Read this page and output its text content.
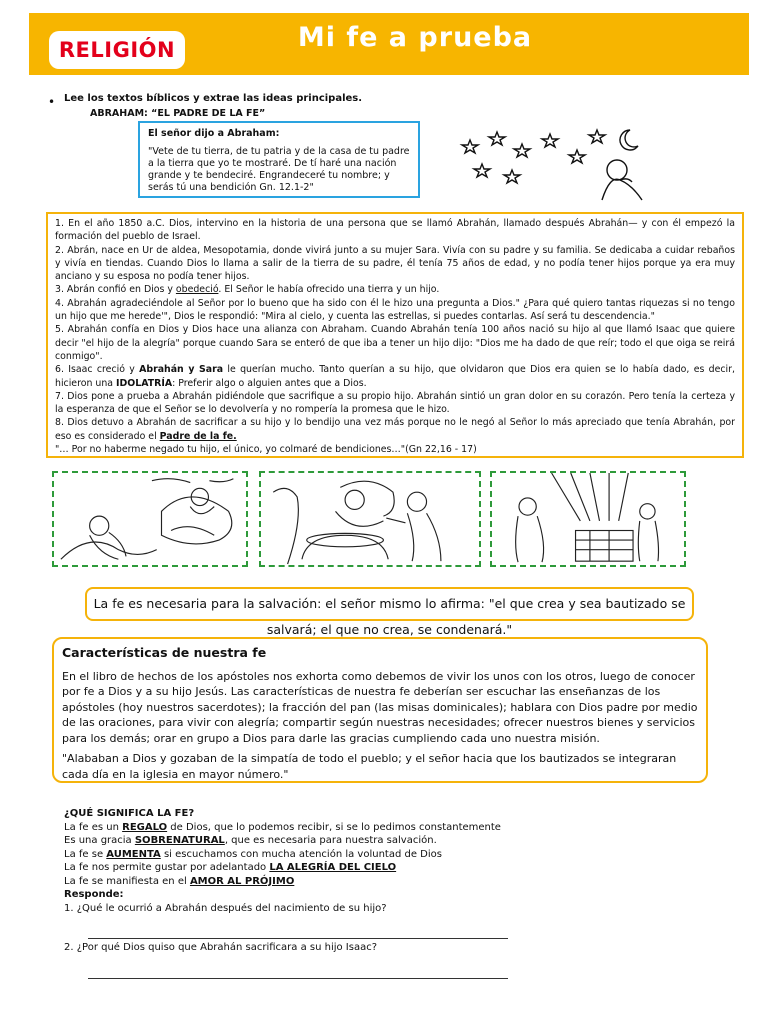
RELIGIÓN	Mi fe a prueba
• Lee los textos bíblicos y extrae las ideas principales.
ABRAHAM: “EL PADRE DE LA FE”
El señor dijo a Abraham:
"Vete de tu tierra, de tu patria y de la casa de tu padre a la tierra que yo te mostraré. De tí haré una nación grande y te bendeciré. Engrandeceré tu nombre; y serás tú una bendición Gn. 12.1-2"

1. En el año 1850 a.C. Dios, intervino en la historia de una persona que se llamó Abrahán, llamado después Abrahán— y con él empezó la formación del pueblo de Israel.

2. Abrán, nace en Ur de aldea, Mesopotamia, donde vivirá junto a su mujer Sara. Vivía con su padre y su familia. Se dedicaba a cuidar rebaños y vivía en tiendas. Cuando Dios lo llama a salir de la tierra de su padre, él tenía 75 años de edad, y no podía tener hijos porque ya era muy anciano y su esposa no podía tener hijos.

3. Abrán confió en Dios y obedeció. El Señor le había ofrecido una tierra y un hijo.

4. Abrahán agradeciéndole al Señor por lo bueno que ha sido con él le hizo una pregunta a Dios." ¿Para qué quiero tantas riquezas si no tengo un hijo que me herede'", Dios le respondió: "Mira al cielo, y cuenta las estrellas, si puedes contarlas. Así será tu descendencia."

5. Abrahán confía en Dios y Dios hace una alianza con Abraham. Cuando Abrahán tenía 100 años nació su hijo al que llamó Isaac que quiere decir "el hijo de la alegría" porque cuando Sara se enteró de que iba a tener un hijo dijo: "Dios me ha dado de que reír; todo el que oiga se reirá conmigo".

6. Isaac creció y Abrahán y Sara le querían mucho. Tanto querían a su hijo, que olvidaron que Dios era quien se lo había dado, es decir, hicieron una IDOLATRÍA: Preferir algo o alguien antes que a Dios.

7. Dios pone a prueba a Abrahán pidiéndole que sacrifique a su propio hijo. Abrahán sintió un gran dolor en su corazón. Pero tenía la certeza y la esperanza de que el Señor se lo devolvería y no rompería la promesa que le hizo.

8. Dios detuvo a Abrahán de sacrificar a su hijo y lo bendijo una vez más porque no le negó al Señor lo más apreciado que tenía Abrahán, por eso es considerado el Padre de la fe.

"… Por no haberme negado tu hijo, el único, yo colmaré de bendiciones…"(Gn 22,16 - 17)

La fe es necesaria para la salvación: el señor mismo lo afirma: "el que crea y sea bautizado se salvará; el que no crea, se condenará."
Características de nuestra fe

En el libro de hechos de los apóstoles nos exhorta como debemos de vivir los unos con los otros, luego de conocer por fe a Dios y a su hijo Jesús. Las características de nuestra fe deberían ser escuchar las enseñanzas de los apóstoles (hoy nuestros sacerdotes); la fracción del pan (las misas dominicales); hablara con Dios padre por medio de las oraciones, para vivir con alegría; compartir según nuestras necesidades; ofrecer nuestros bienes y servicios para los demás; orar en grupo a Dios para darle las gracias cumpliendo cada uno nuestra misión.

"Alababan a Dios y gozaban de la simpatía de todo el pueblo; y el señor hacia que los bautizados se integraran cada día en la iglesia en mayor número."

¿QUÉ SIGNIFICA LA FE?
La fe es un REGALO de Dios, que lo podemos recibir, si se lo pedimos constantemente
Es una gracia SOBRENATURAL, que es necesaria para nuestra salvación.
La fe se AUMENTA si escuchamos con mucha atención la voluntad de Dios
La fe nos permite gustar por adelantado LA ALEGRÍA DEL CIELO
La fe se manifiesta en el AMOR AL PRÓJIMO
Responde:
1. ¿Qué le ocurrió a Abrahán después del nacimiento de su hijo?
2. ¿Por qué Dios quiso que Abrahán sacrificara a su hijo Isaac?
